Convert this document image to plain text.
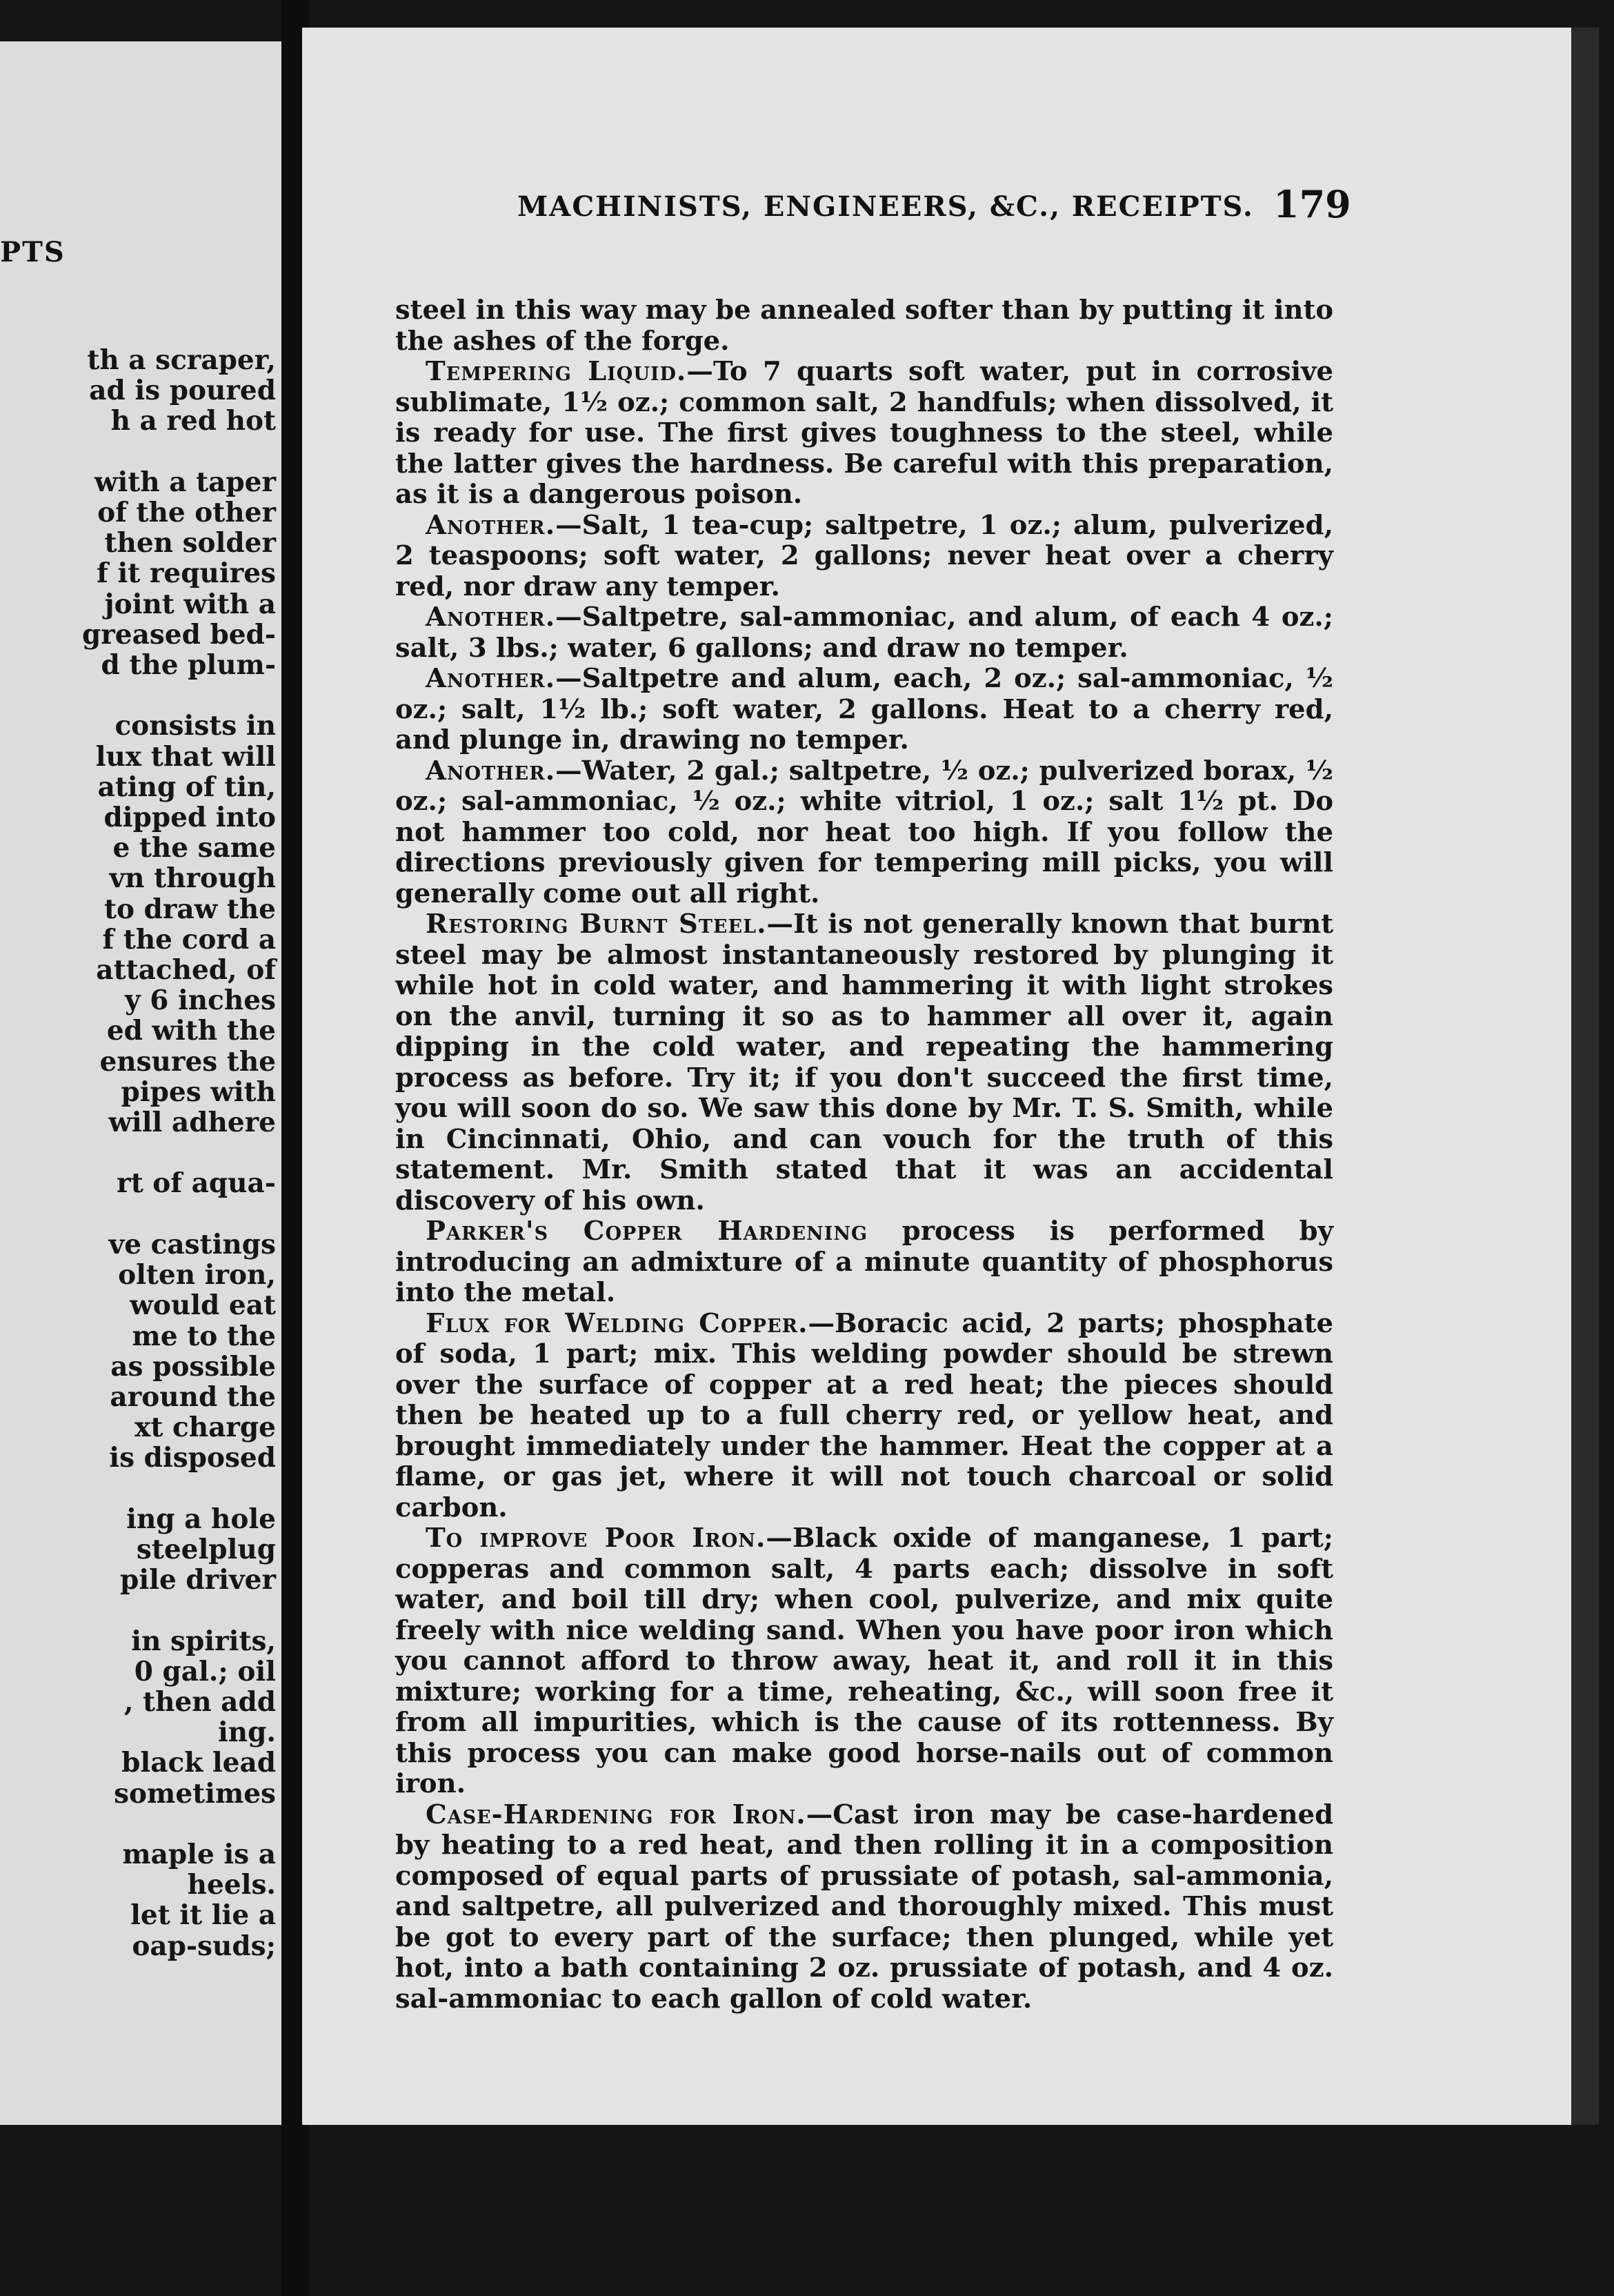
PTS
th a scraper,
ad is poured
h a red hot

with a taper
of the other
then solder
f it requires
joint with a
greased bed-
d the plum-

consists in
lux that will
ating of tin,
dipped into
e the same
vn through
to draw the
f the cord a
attached, of
y 6 inches
ed with the
ensures the
pipes with
will adhere

rt of aqua-

ve castings
olten iron,
would eat
me to the
as possible
around the
xt charge
is disposed

ing a hole
steelplug
pile driver

in spirits,
0 gal.; oil
, then add
ing.
black lead
sometimes

maple is a
heels.
let it lie a
oap-suds;
MACHINISTS, ENGINEERS, &C., RECEIPTS. 179

steel in this way may be annealed softer than by putting it into the ashes of the forge.

Tempering Liquid.—To 7 quarts soft water, put in corrosive sublimate, 1½ oz.; common salt, 2 handfuls; when dissolved, it is ready for use. The first gives toughness to the steel, while the latter gives the hardness. Be careful with this preparation, as it is a dangerous poison.

Another.—Salt, 1 tea-cup; saltpetre, 1 oz.; alum, pulverized, 2 teaspoons; soft water, 2 gallons; never heat over a cherry red, nor draw any temper.

Another.—Saltpetre, sal-ammoniac, and alum, of each 4 oz.; salt, 3 lbs.; water, 6 gallons; and draw no temper.

Another.—Saltpetre and alum, each, 2 oz.; sal-ammoniac, ½ oz.; salt, 1½ lb.; soft water, 2 gallons. Heat to a cherry red, and plunge in, drawing no temper.

Another.—Water, 2 gal.; saltpetre, ½ oz.; pulverized borax, ½ oz.; sal-ammoniac, ½ oz.; white vitriol, 1 oz.; salt 1½ pt. Do not hammer too cold, nor heat too high. If you follow the directions previously given for tempering mill picks, you will generally come out all right.

Restoring Burnt Steel.—It is not generally known that burnt steel may be almost instantaneously restored by plunging it while hot in cold water, and hammering it with light strokes on the anvil, turning it so as to hammer all over it, again dipping in the cold water, and repeating the hammering process as before. Try it; if you don't succeed the first time, you will soon do so. We saw this done by Mr. T. S. Smith, while in Cincinnati, Ohio, and can vouch for the truth of this statement. Mr. Smith stated that it was an accidental discovery of his own.

Parker's Copper Hardening process is performed by introducing an admixture of a minute quantity of phosphorus into the metal.

Flux for Welding Copper.—Boracic acid, 2 parts; phosphate of soda, 1 part; mix. This welding powder should be strewn over the surface of copper at a red heat; the pieces should then be heated up to a full cherry red, or yellow heat, and brought immediately under the hammer. Heat the copper at a flame, or gas jet, where it will not touch charcoal or solid carbon.

To improve Poor Iron.—Black oxide of manganese, 1 part; copperas and common salt, 4 parts each; dissolve in soft water, and boil till dry; when cool, pulverize, and mix quite freely with nice welding sand. When you have poor iron which you cannot afford to throw away, heat it, and roll it in this mixture; working for a time, reheating, &c., will soon free it from all impurities, which is the cause of its rottenness. By this process you can make good horse-nails out of common iron.

Case-Hardening for Iron.—Cast iron may be case-hardened by heating to a red heat, and then rolling it in a composition composed of equal parts of prussiate of potash, sal-ammonia, and saltpetre, all pulverized and thoroughly mixed. This must be got to every part of the surface; then plunged, while yet hot, into a bath containing 2 oz. prussiate of potash, and 4 oz. sal-ammoniac to each gallon of cold water.
